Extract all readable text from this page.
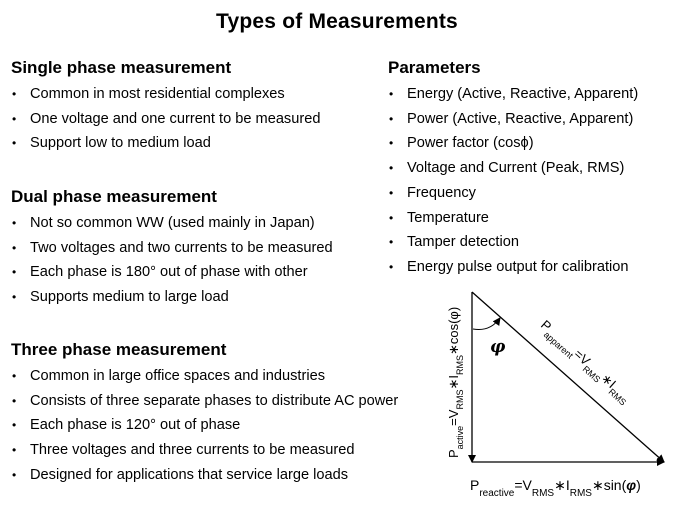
Types of Measurements
Single phase measurement
• Common in most residential complexes
• One voltage and one current to be measured
• Support low to medium load
Dual phase measurement
• Not so common WW (used mainly in Japan)
• Two voltages and two currents to be measured
• Each phase is 180° out of phase with other
• Supports medium to large load
Three phase measurement
• Common in large office spaces and industries
• Consists of three separate phases to distribute AC power
• Each phase is 120° out of phase
• Three voltages and three currents to be measured
• Designed for applications that service large loads
Parameters
• Energy (Active, Reactive, Apparent)
• Power (Active, Reactive, Apparent)
• Power factor (cosϕ)
• Voltage and Current (Peak, RMS)
• Frequency
• Temperature
• Tamper detection
• Energy pulse output for calibration
φ
$P_{active}=V_{RMS}∗I_{RMS}∗\cos(\varphi)$	$P_{apparent}=V_{RMS}∗I_{RMS}$
$P_{reactive}=V_{RMS}∗I_{RMS}∗\sin(\varphi)$
